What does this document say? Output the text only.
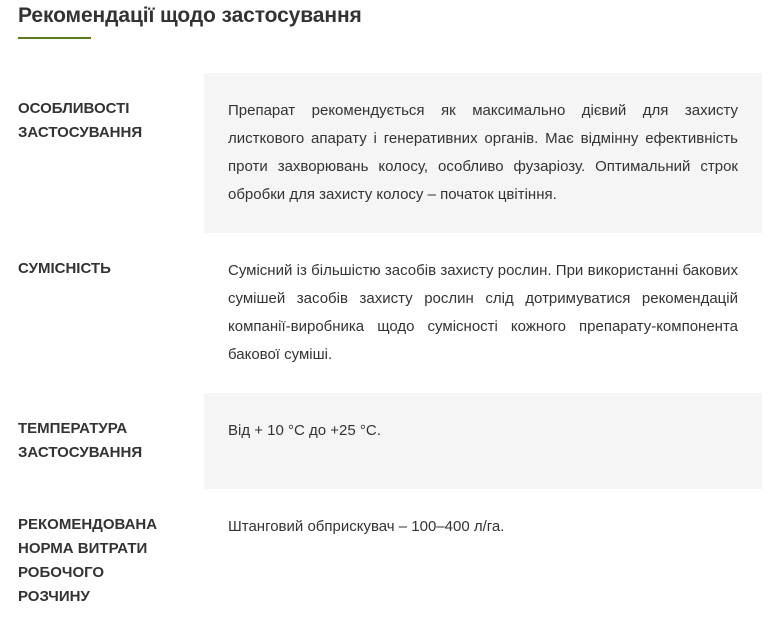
Рекомендації щодо застосування
ОСОБЛИВОСТІ
ЗАСТОСУВАННЯ
Препарат рекомендується як максимально дієвий для захисту листкового апарату і генеративних органів. Має відмінну ефективність проти захворювань колосу, особливо фузаріозу. Оптимальний строк обробки для захисту колосу – початок цвітіння.
СУМІСНІСТЬ	Сумісний із більшістю засобів захисту рослин. При використанні бакових сумішей засобів захисту рослин слід дотримуватися рекомендацій компанії-виробника щодо сумісності кожного препарату-компонента бакової суміші.
ТЕМПЕРАТУРА
ЗАСТОСУВАННЯ
Від + 10 °C до +25 °C.
РЕКОМЕНДОВАНА
НОРМА ВИТРАТИ
РОБОЧОГО
РОЗЧИНУ
Штанговий обприскувач – 100–400 л/га.
